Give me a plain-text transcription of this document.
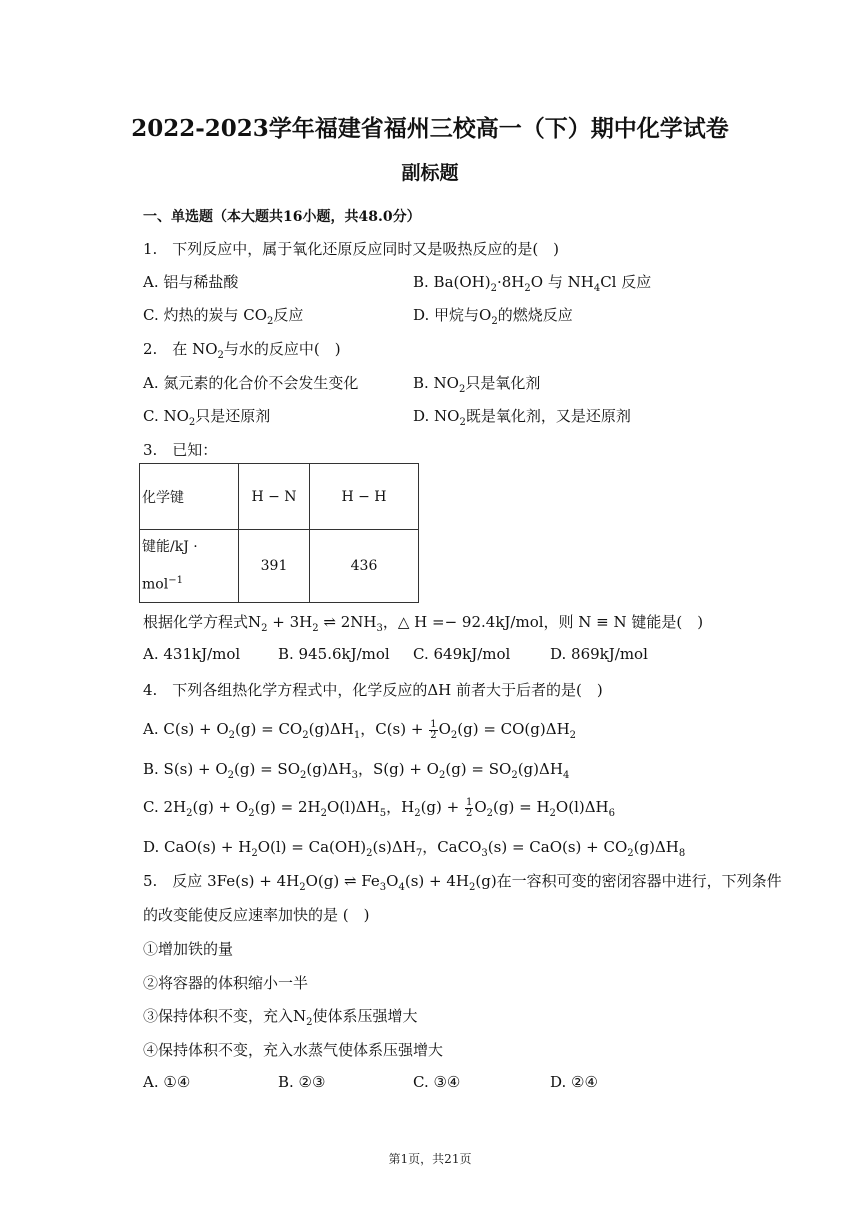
2022-2023学年福建省福州三校高一（下）期中化学试卷
副标题
一、单选题（本大题共16小题，共48.0分）
1.　下列反应中，属于氧化还原反应同时又是吸热反应的是(　)
A. 铝与稀盐酸	B. $Ba(OH)_2\cdot 8H_2O$ 与 $NH_4Cl$ 反应
C. 灼热的炭与 $CO_2$反应	D. 甲烷与$O_2$的燃烧反应
2.　在 $NO_2$与水的反应中(　)
A. 氮元素的化合价不会发生变化	B. $NO_2$只是氧化剂
C. $NO_2$只是还原剂	D. $NO_2$既是氧化剂，又是还原剂
3.　已知：
化学键	H − N	H − H

键能/kJ ·
mol$^{-1}$	391	436
根据化学方程式$N_2 + 3H_2$ ⇌ $2NH_3$，△ H =− 92.4kJ/mol，则 N ≡ N 键能是(　)
A. 431kJ/mol	B. 945.6kJ/mol C. 649kJ/mol	D. 869kJ/mol
4.　下列各组热化学方程式中，化学反应的ΔH 前者大于后者的是(　)
A. $C(s) + O_2(g) = CO_2(g)\Delta H_1$，$C(s) + \frac{1}{2} O_2(g) = CO(g)\Delta H_2$
B. $S(s) + O_2(g) = SO_2(g)\Delta H_3$，$S(g) + O_2(g) = SO_2(g)\Delta H_4$
C. $2H_2(g) + O_2(g) = 2H_2O(l)\Delta H_5$，$H_2(g) + \frac{1}{2} O_2(g) = H_2O(l)\Delta H_6$
D. $CaO(s) + H_2O(l) = Ca(OH)_2(s)\Delta H_7$，CaCO$_3$(s) = $CaO(s) + CO_2(g)\Delta H_8$
5.　反应 $3Fe(s) + 4H_2O(g)$ ⇌ $Fe_3O_4(s) + 4H_2(g)$在一容积可变的密闭容器中进行，下列条件
的改变能使反应速率加快的是 (　)
①增加铁的量
②将容器的体积缩小一半
③保持体积不变，充入$N_2$使体系压强增大
④保持体积不变，充入水蒸气使体系压强增大
A. ①④	B. ②③	C. ③④	D. ②④
第1页，共21页
